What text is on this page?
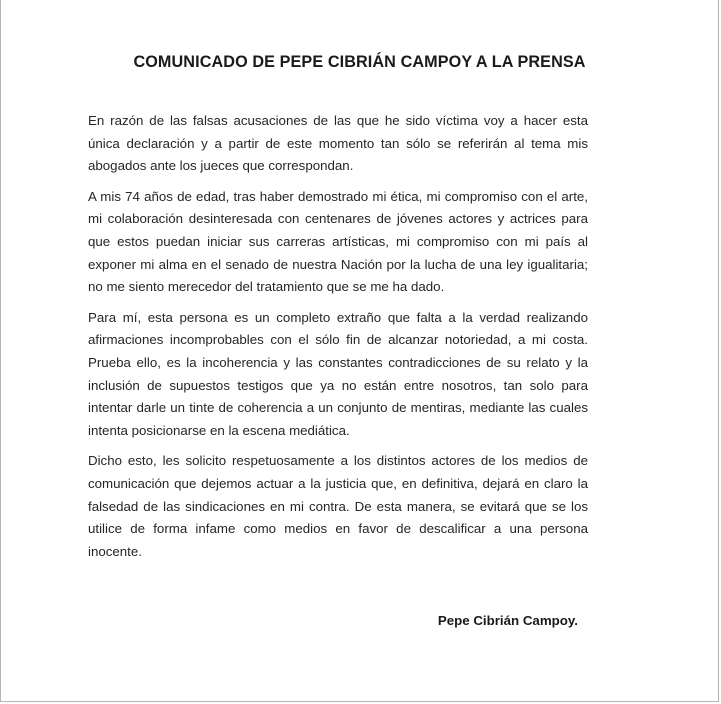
COMUNICADO DE PEPE CIBRIÁN CAMPOY A LA PRENSA

En razón de las falsas acusaciones de las que he sido víctima voy a hacer esta única declaración y a partir de este momento tan sólo se referirán al tema mis abogados ante los jueces que correspondan.

A mis 74 años de edad, tras haber demostrado mi ética, mi compromiso con el arte, mi colaboración desinteresada con centenares de jóvenes actores y actrices para que estos puedan iniciar sus carreras artísticas, mi compromiso con mi país al exponer mi alma en el senado de nuestra Nación por la lucha de una ley igualitaria; no me siento merecedor del tratamiento que se me ha dado.

Para mí, esta persona es un completo extraño que falta a la verdad realizando afirmaciones incomprobables con el sólo fin de alcanzar notoriedad, a mi costa. Prueba ello, es la incoherencia y las constantes contradicciones de su relato y la inclusión de supuestos testigos que ya no están entre nosotros, tan solo para intentar darle un tinte de coherencia a un conjunto de mentiras, mediante las cuales intenta posicionarse en la escena mediática.

Dicho esto, les solicito respetuosamente a los distintos actores de los medios de comunicación que dejemos actuar a la justicia que, en definitiva, dejará en claro la falsedad de las sindicaciones en mi contra. De esta manera, se evitará que se los utilice de forma infame como medios en favor de descalificar a una persona inocente.

Pepe Cibrián Campoy.
